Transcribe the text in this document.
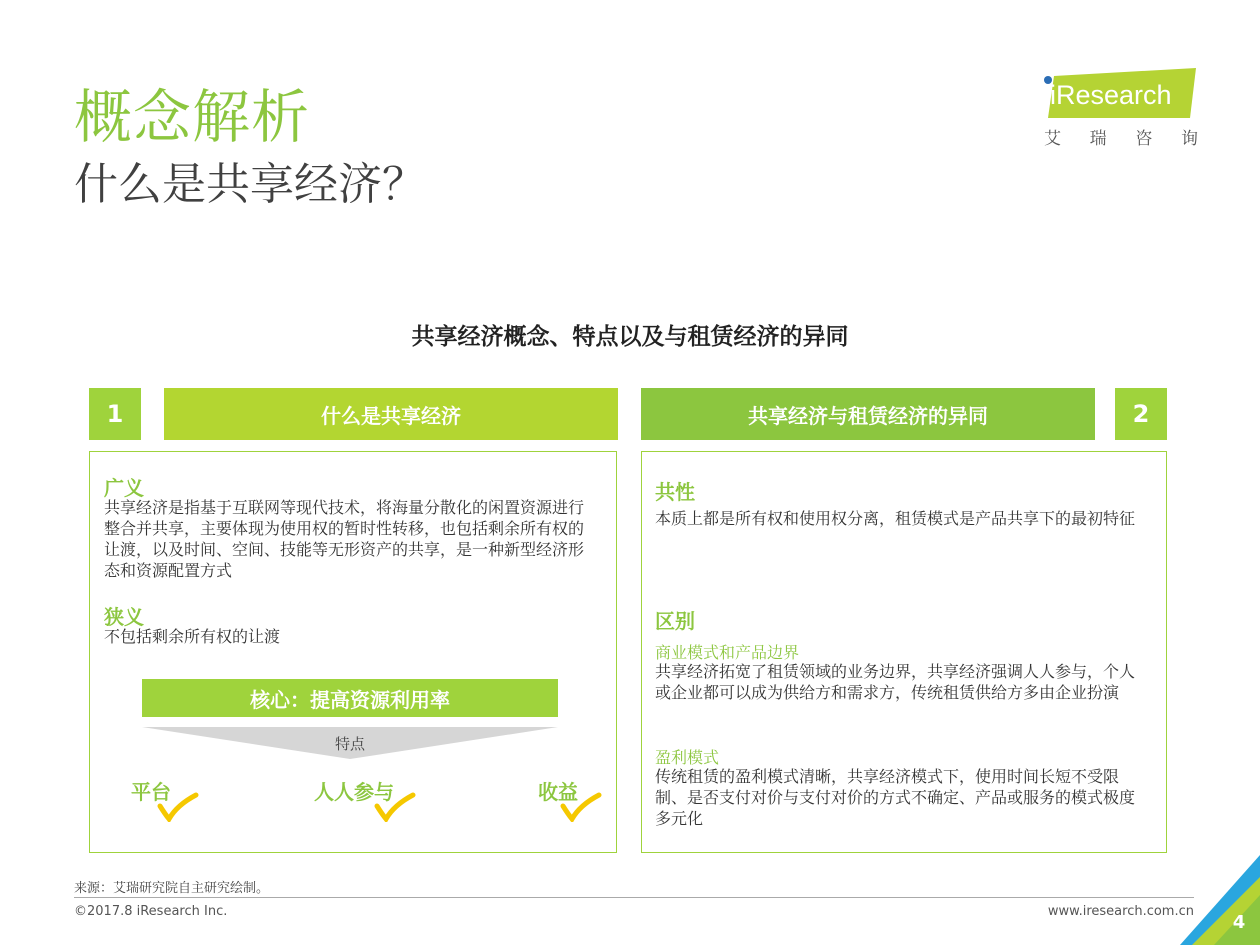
概念解析
什么是共享经济？
iResearch
艾 瑞 咨 询
共享经济概念、特点以及与租赁经济的异同
1	什么是共享经济	共享经济与租赁经济的异同	2
广义
共享经济是指基于互联网等现代技术，将海量分散化的闲置资源进行整合并共享，主要体现为使用权的暂时性转移，也包括剩余所有权的让渡，以及时间、空间、技能等无形资产的共享，是一种新型经济形态和资源配置方式
狭义
不包括剩余所有权的让渡
核心：提高资源利用率
特点
平台	人人参与	收益
共性
本质上都是所有权和使用权分离，租赁模式是产品共享下的最初特征
区别
商业模式和产品边界
共享经济拓宽了租赁领域的业务边界，共享经济强调人人参与，个人或企业都可以成为供给方和需求方，传统租赁供给方多由企业扮演
盈利模式
传统租赁的盈利模式清晰，共享经济模式下，使用时间长短不受限制、是否支付对价与支付对价的方式不确定、产品或服务的模式极度多元化
来源：艾瑞研究院自主研究绘制。
©2017.8 iResearch Inc.	www.iresearch.com.cn
4
